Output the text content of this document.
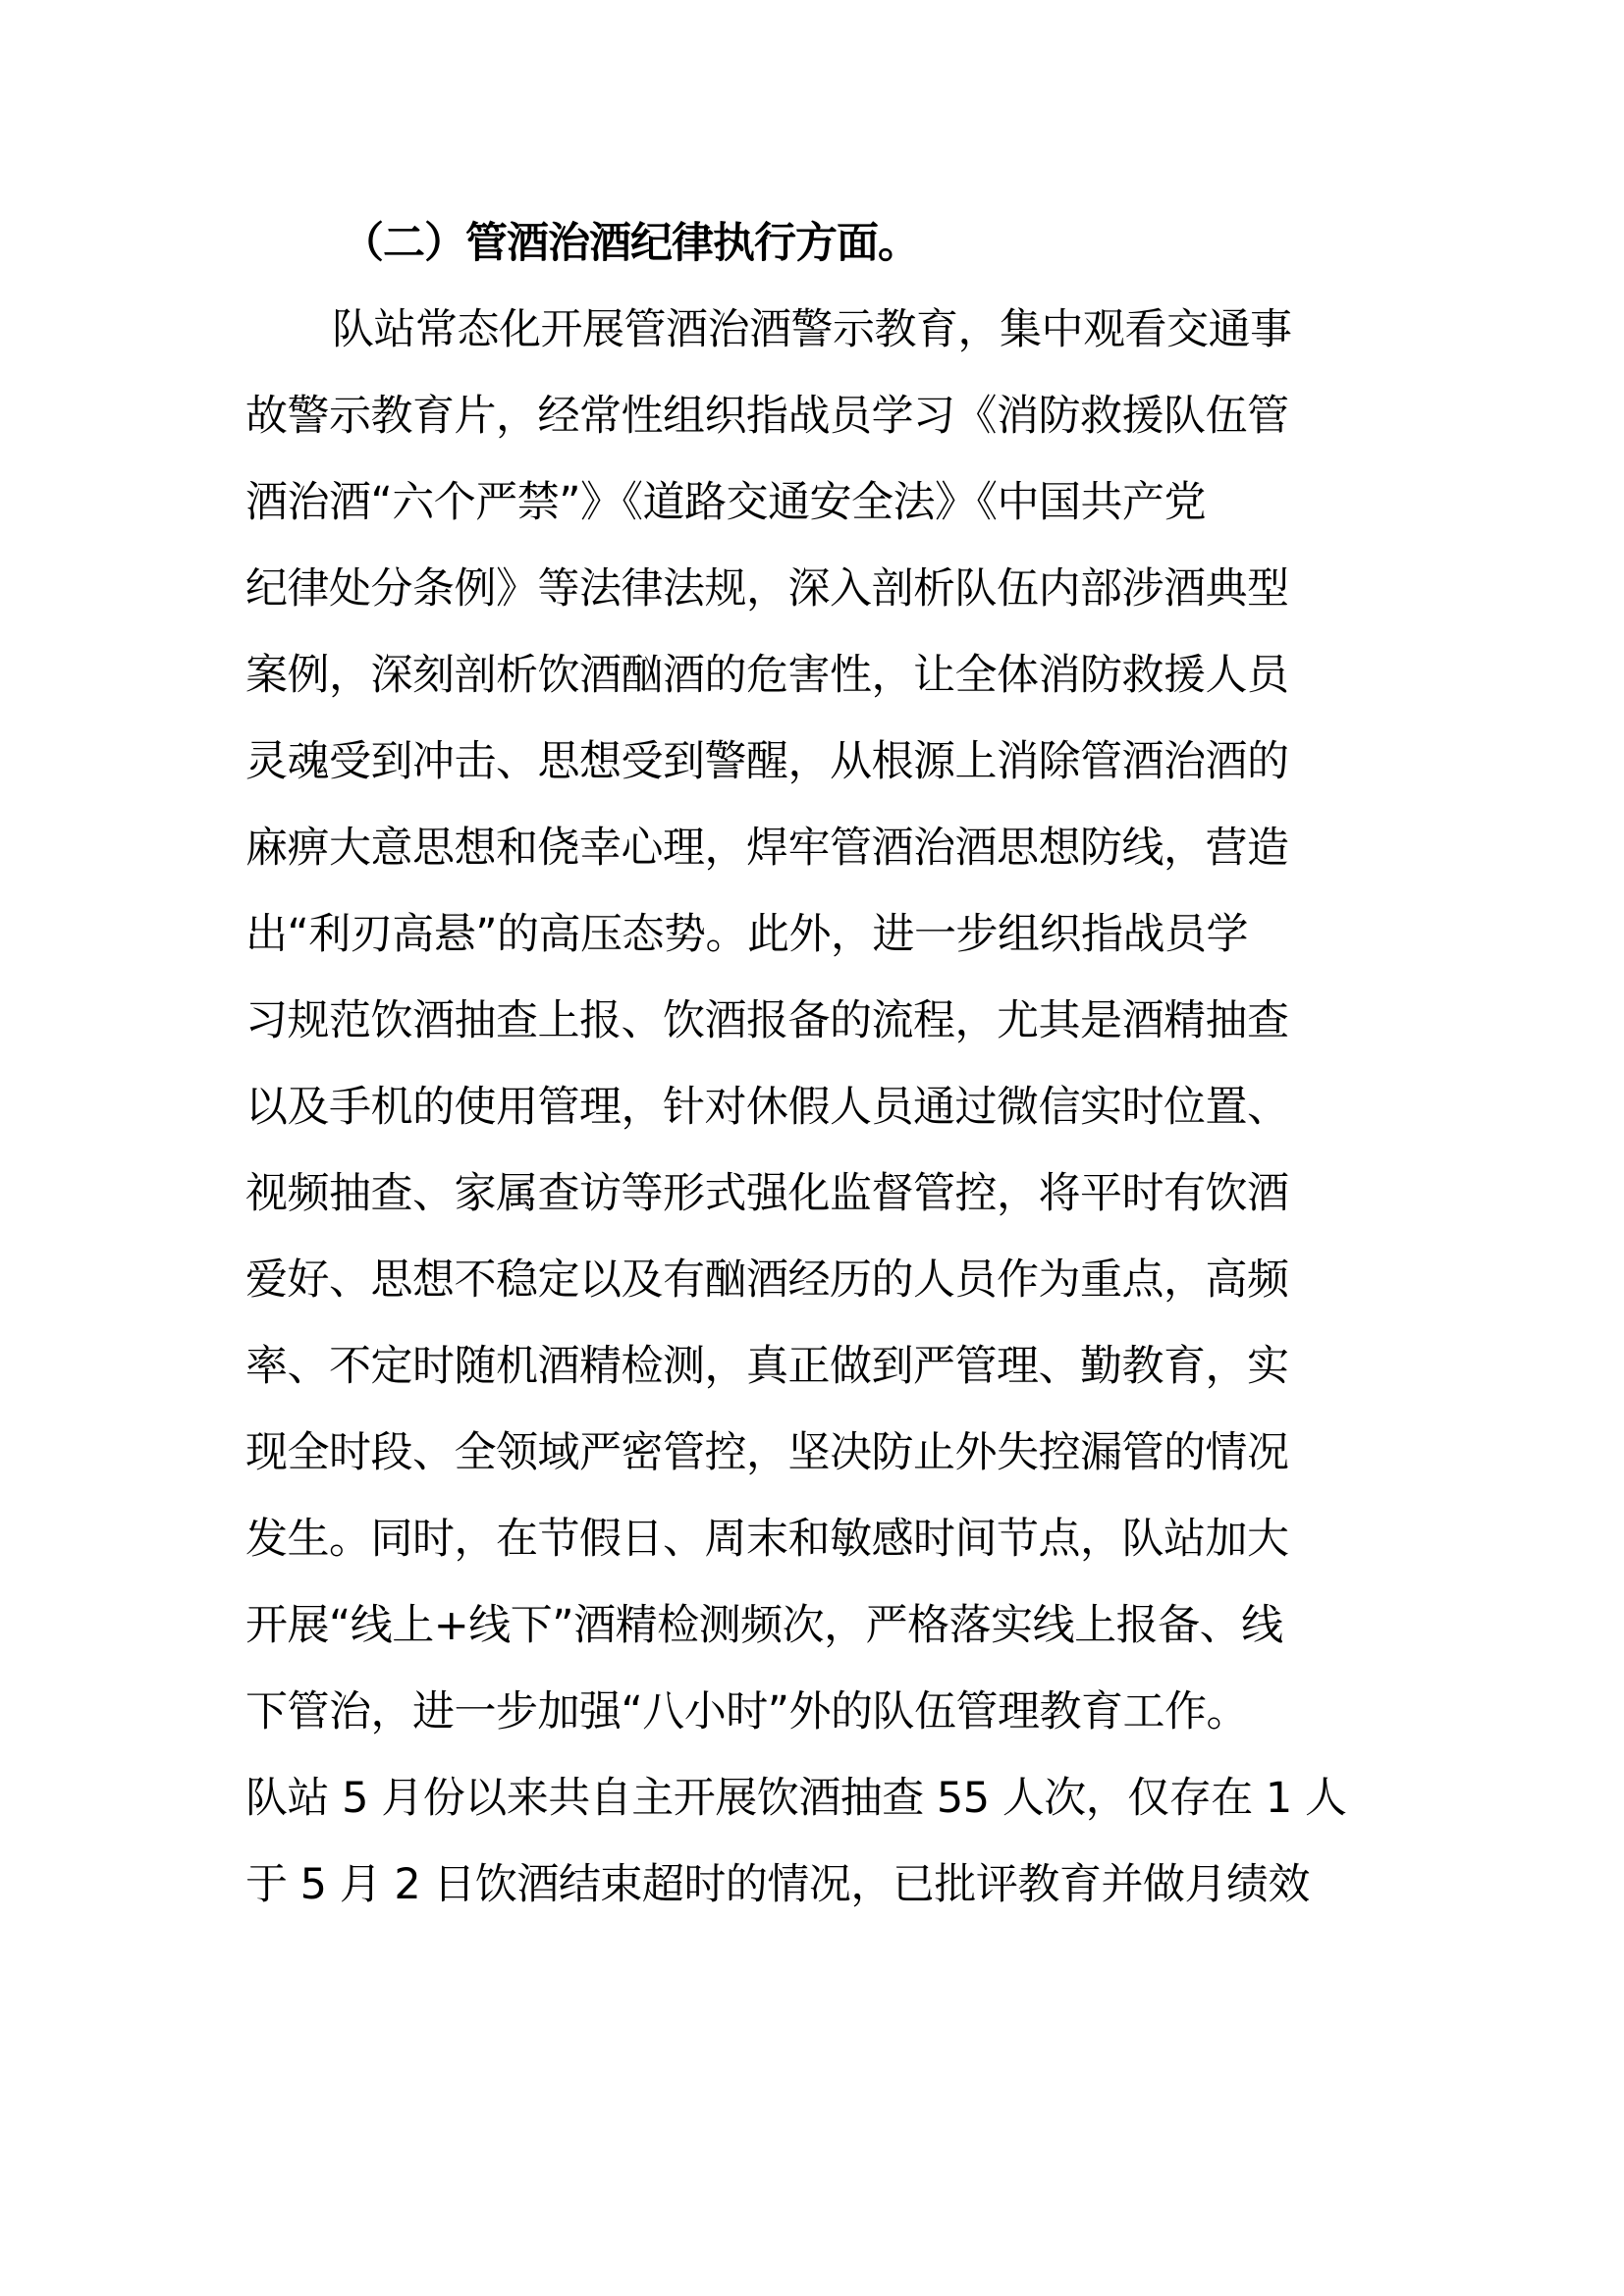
（二）管酒治酒纪律执行方面。
队站常态化开展管酒治酒警示教育，集中观看交通事
故警示教育片，经常性组织指战员学习《消防救援队伍管
酒治酒“六个严禁”》《道路交通安全法》《中国共产党
纪律处分条例》等法律法规，深入剖析队伍内部涉酒典型
案例，深刻剖析饮酒酗酒的危害性，让全体消防救援人员
灵魂受到冲击、思想受到警醒，从根源上消除管酒治酒的
麻痹大意思想和侥幸心理，焊牢管酒治酒思想防线，营造
出“利刃高悬”的高压态势。此外，进一步组织指战员学
习规范饮酒抽查上报、饮酒报备的流程，尤其是酒精抽查
以及手机的使用管理，针对休假人员通过微信实时位置、
视频抽查、家属查访等形式强化监督管控，将平时有饮酒
爱好、思想不稳定以及有酗酒经历的人员作为重点，高频
率、不定时随机酒精检测，真正做到严管理、勤教育，实
现全时段、全领域严密管控，坚决防止外失控漏管的情况
发生。同时，在节假日、周末和敏感时间节点，队站加大
开展“线上+线下”酒精检测频次，严格落实线上报备、线
下管治，进一步加强“八小时”外的队伍管理教育工作。
队站 5 月份以来共自主开展饮酒抽查 55 人次，仅存在 1 人
于 5 月 2 日饮酒结束超时的情况，已批评教育并做月绩效
